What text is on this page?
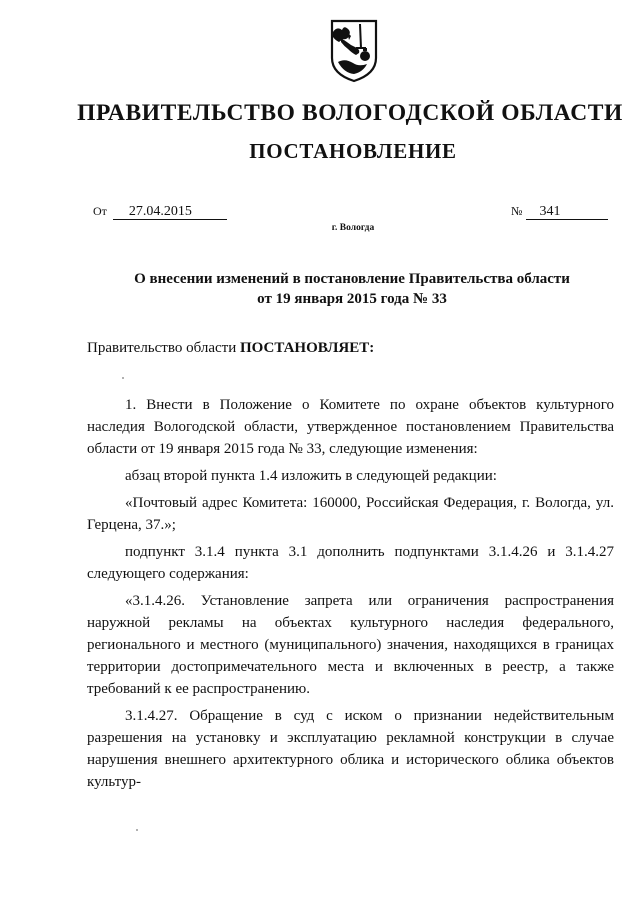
ПРАВИТЕЛЬСТВО ВОЛОГОДСКОЙ ОБЛАСТИ
ПОСТАНОВЛЕНИЕ
От 27.04.2015	№ 341
г. Вологда
О внесении изменений в постановление Правительства области
от 19 января 2015 года № 33
Правительство области ПОСТАНОВЛЯЕТ:

1. Внести в Положение о Комитете по охране объектов культурного наследия Вологодской области, утвержденное постановлением Правительства области от 19 января 2015 года № 33, следующие изменения:

абзац второй пункта 1.4 изложить в следующей редакции:

«Почтовый адрес Комитета: 160000, Российская Федерация, г. Вологда, ул. Герцена, 37.»;

подпункт 3.1.4 пункта 3.1 дополнить подпунктами 3.1.4.26 и 3.1.4.27 следующего содержания:

«3.1.4.26. Установление запрета или ограничения распространения наружной рекламы на объектах культурного наследия федерального, регионального и местного (муниципального) значения, находящихся в границах территории достопримечательного места и включенных в реестр, а также требований к ее распространению.

3.1.4.27. Обращение в суд с иском о признании недействительным разрешения на установку и эксплуатацию рекламной конструкции в случае нарушения внешнего архитектурного облика и исторического облика объектов культур-
